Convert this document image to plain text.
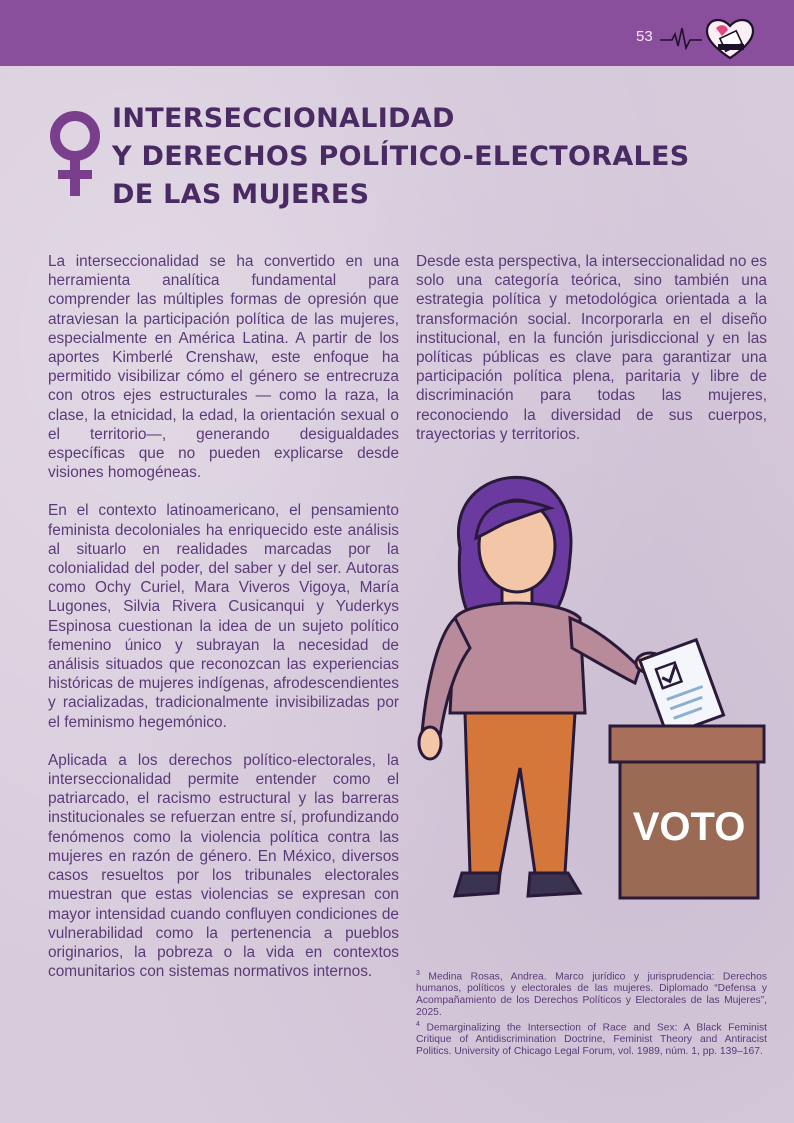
53
INTERSECCIONALIDAD
Y DERECHOS POLÍTICO-ELECTORALES
DE LAS MUJERES

La interseccionalidad se ha convertido en una herramienta analítica fundamental para comprender las múltiples formas de opresión que atraviesan la participación política de las mujeres, especialmente en América Latina. A partir de los aportes Kimberlé Crenshaw, este enfoque ha permitido visibilizar cómo el género se entrecruza con otros ejes estructurales — como la raza, la clase, la etnicidad, la edad, la orientación sexual o el territorio—, generando desigualdades específicas que no pueden explicarse desde visiones homogéneas.

En el contexto latinoamericano, el pensamiento feminista decoloniales ha enriquecido este análisis al situarlo en realidades marcadas por la colonialidad del poder, del saber y del ser. Autoras como Ochy Curiel, Mara Viveros Vigoya, María Lugones, Silvia Rivera Cusicanqui y Yuderkys Espinosa cuestionan la idea de un sujeto político femenino único y subrayan la necesidad de análisis situados que reconozcan las experiencias históricas de mujeres indígenas, afrodescendientes y racializadas, tradicionalmente invisibilizadas por el feminismo hegemónico.

Aplicada a los derechos político-electorales, la interseccionalidad permite entender como el patriarcado, el racismo estructural y las barreras institucionales se refuerzan entre sí, profundizando fenómenos como la violencia política contra las mujeres en razón de género. En México, diversos casos resueltos por los tribunales electorales muestran que estas violencias se expresan con mayor intensidad cuando confluyen condiciones de vulnerabilidad como la pertenencia a pueblos originarios, la pobreza o la vida en contextos comunitarios con sistemas normativos internos.

Desde esta perspectiva, la interseccionalidad no es solo una categoría teórica, sino también una estrategia política y metodológica orientada a la transformación social. Incorporarla en el diseño institucional, en la función jurisdiccional y en las políticas públicas es clave para garantizar una participación política plena, paritaria y libre de discriminación para todas las mujeres, reconociendo la diversidad de sus cuerpos, trayectorias y territorios.

VOTO

$^3$ Medina Rosas, Andrea. Marco jurídico y jurisprudencia: Derechos humanos, políticos y electorales de las mujeres. Diplomado “Defensa y Acompañamiento de los Derechos Políticos y Electorales de las Mujeres”, 2025.

$^4$ Demarginalizing the Intersection of Race and Sex: A Black Feminist Critique of Antidiscrimination Doctrine, Feminist Theory and Antiracist Politics. University of Chicago Legal Forum, vol. 1989, núm. 1, pp. 139–167.
